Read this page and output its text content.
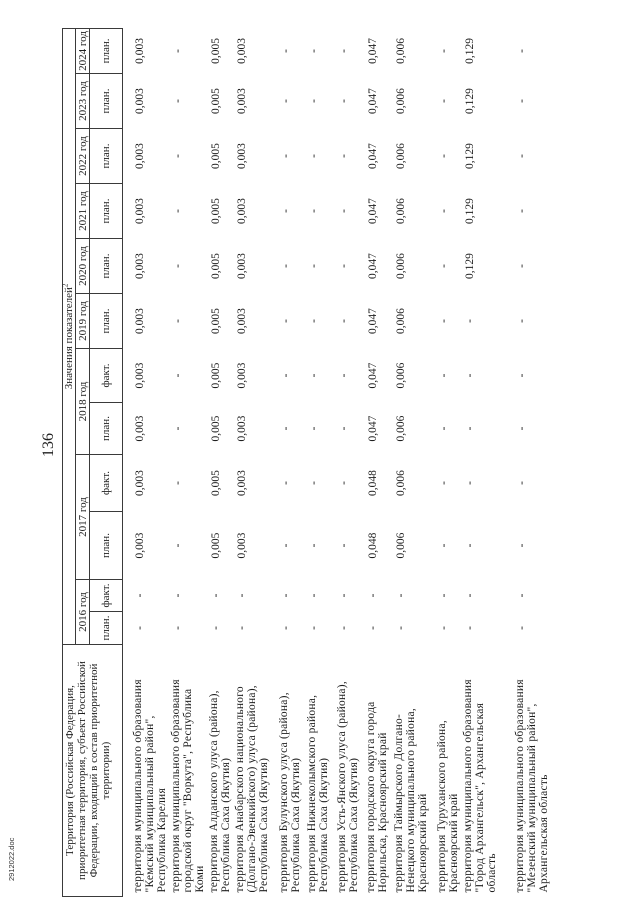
2912022.doc
136
Территория (Российская Федерация, приоритетная территория, субъект Российской Федерации, входящий в состав приоритетной территории)	Значения показателей$^2$
	2016 год		2017 год		2018 год		2019 год	2020 год	2021 год	2022 год	2023 год	2024 год
	план.	факт.	план.	факт.	план.	факт.	план.	план.	план.	план.	план.	план.

территория муниципального образования "Кемский муниципальный район", Республика Карелия	-	-	0,003	0,003	0,003	0,003	0,003	0,003	0,003	0,003	0,003	0,003

территория муниципального образования городской округ "Воркута", Республика Коми	-	-	-	-	-	-	-	-	-	-	-	-

территория Алданского улуса (района), Республика Саха (Якутия)	-	-	0,005	0,005	0,005	0,005	0,005	0,005	0,005	0,005	0,005	0,005

территория Анабарского национального (Долгано-Эвенкийского) улуса (района), Республика Саха (Якутия)	-	-	0,003	0,003	0,003	0,003	0,003	0,003	0,003	0,003	0,003	0,003

территория Булунского улуса (района), Республика Саха (Якутия)	-	-	-	-	-	-	-	-	-	-	-	-

территория Нижнеколымского района, Республика Саха (Якутия)	-	-	-	-	-	-	-	-	-	-	-	-

территория Усть-Янского улуса (района), Республика Саха (Якутия)	-	-	-	-	-	-	-	-	-	-	-	-

территория городского округа города Норильска, Красноярский край	-	-	0,048	0,048	0,047	0,047	0,047	0,047	0,047	0,047	0,047	0,047

территория Таймырского Долгано- Ненецкого муниципального района, Красноярский край	-	-	0,006	0,006	0,006	0,006	0,006	0,006	0,006	0,006	0,006	0,006

территория Туруханского района, Красноярский край	-	-	-	-	-	-	-	-	-	-	-	-

территория муниципального образования "Город Архангельск", Архангельская область	-	-	-	-	-	-	-	0,129	0,129	0,129	0,129	0,129

территория муниципального образования "Мезенский муниципальный район", Архангельская область	-	-	-	-	-	-	-	-	-	-	-	-
